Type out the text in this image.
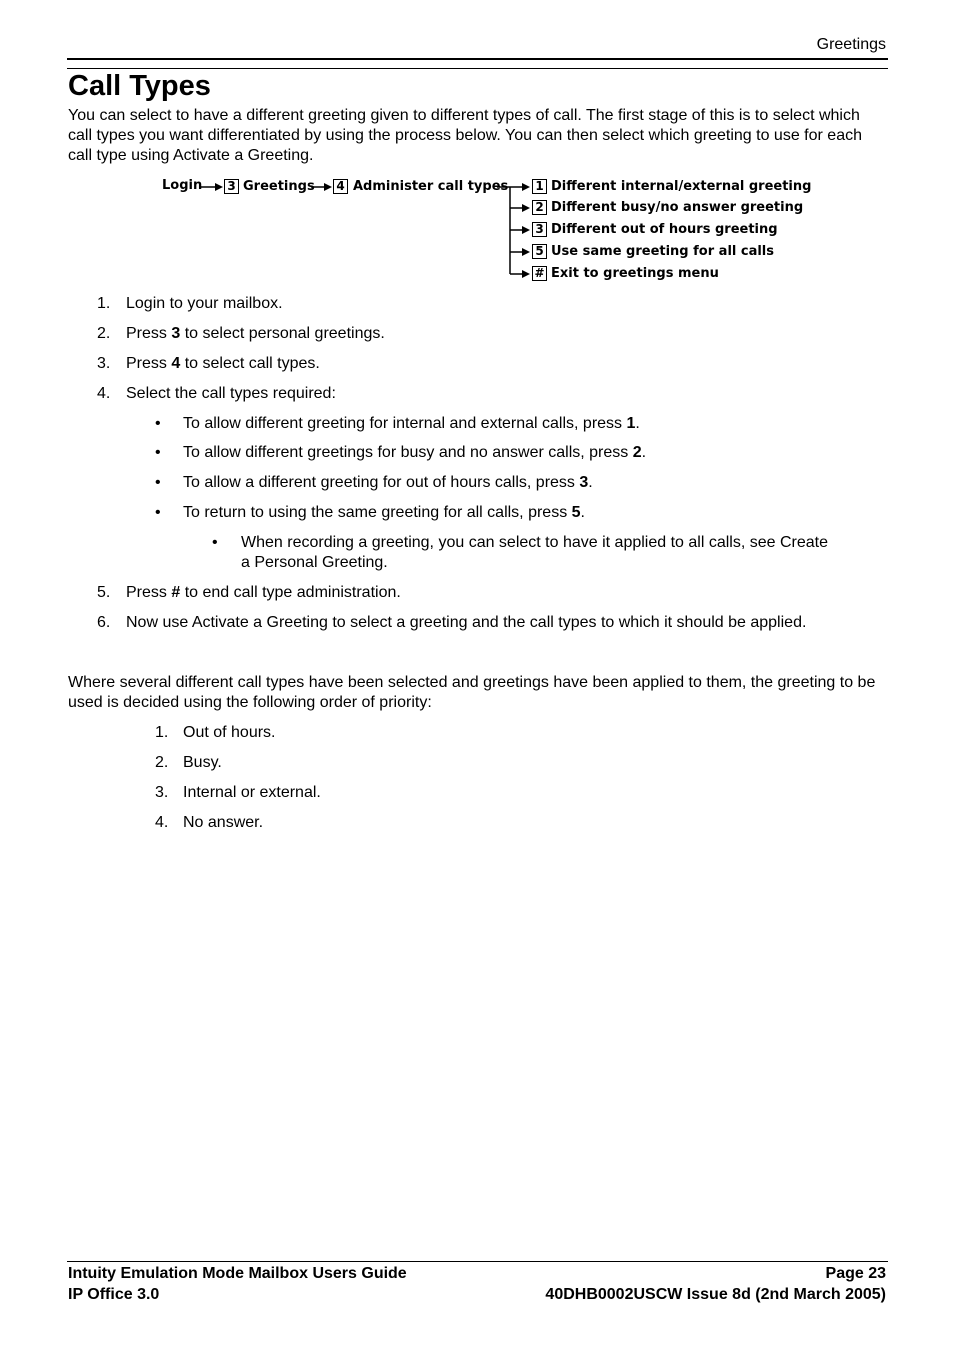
Greetings
Call Types
You can select to have a different greeting given to different types of call. The first stage of this is to select which call types you want differentiated by using the process below. You can then select which greeting to use for each call type using Activate a Greeting.
Login 3 Greetings 4 Administer call types 1 Different internal/external greeting
2 Different busy/no answer greeting
3 Different out of hours greeting
5 Use same greeting for all calls
# Exit to greetings menu
1. Login to your mailbox.
2. Press 3 to select personal greetings.
3. Press 4 to select call types.
4. Select the call types required:
• To allow different greeting for internal and external calls, press 1.
• To allow different greetings for busy and no answer calls, press 2.
• To allow a different greeting for out of hours calls, press 3.
• To return to using the same greeting for all calls, press 5.
• When recording a greeting, you can select to have it applied to all calls, see Create a Personal Greeting.
5. Press # to end call type administration.
6. Now use Activate a Greeting to select a greeting and the call types to which it should be applied.
Where several different call types have been selected and greetings have been applied to them, the greeting to be used is decided using the following order of priority:
1. Out of hours.
2. Busy.
3. Internal or external.
4. No answer.
Intuity Emulation Mode Mailbox Users Guide
IP Office 3.0
Page 23
40DHB0002USCW Issue 8d (2nd March 2005)
